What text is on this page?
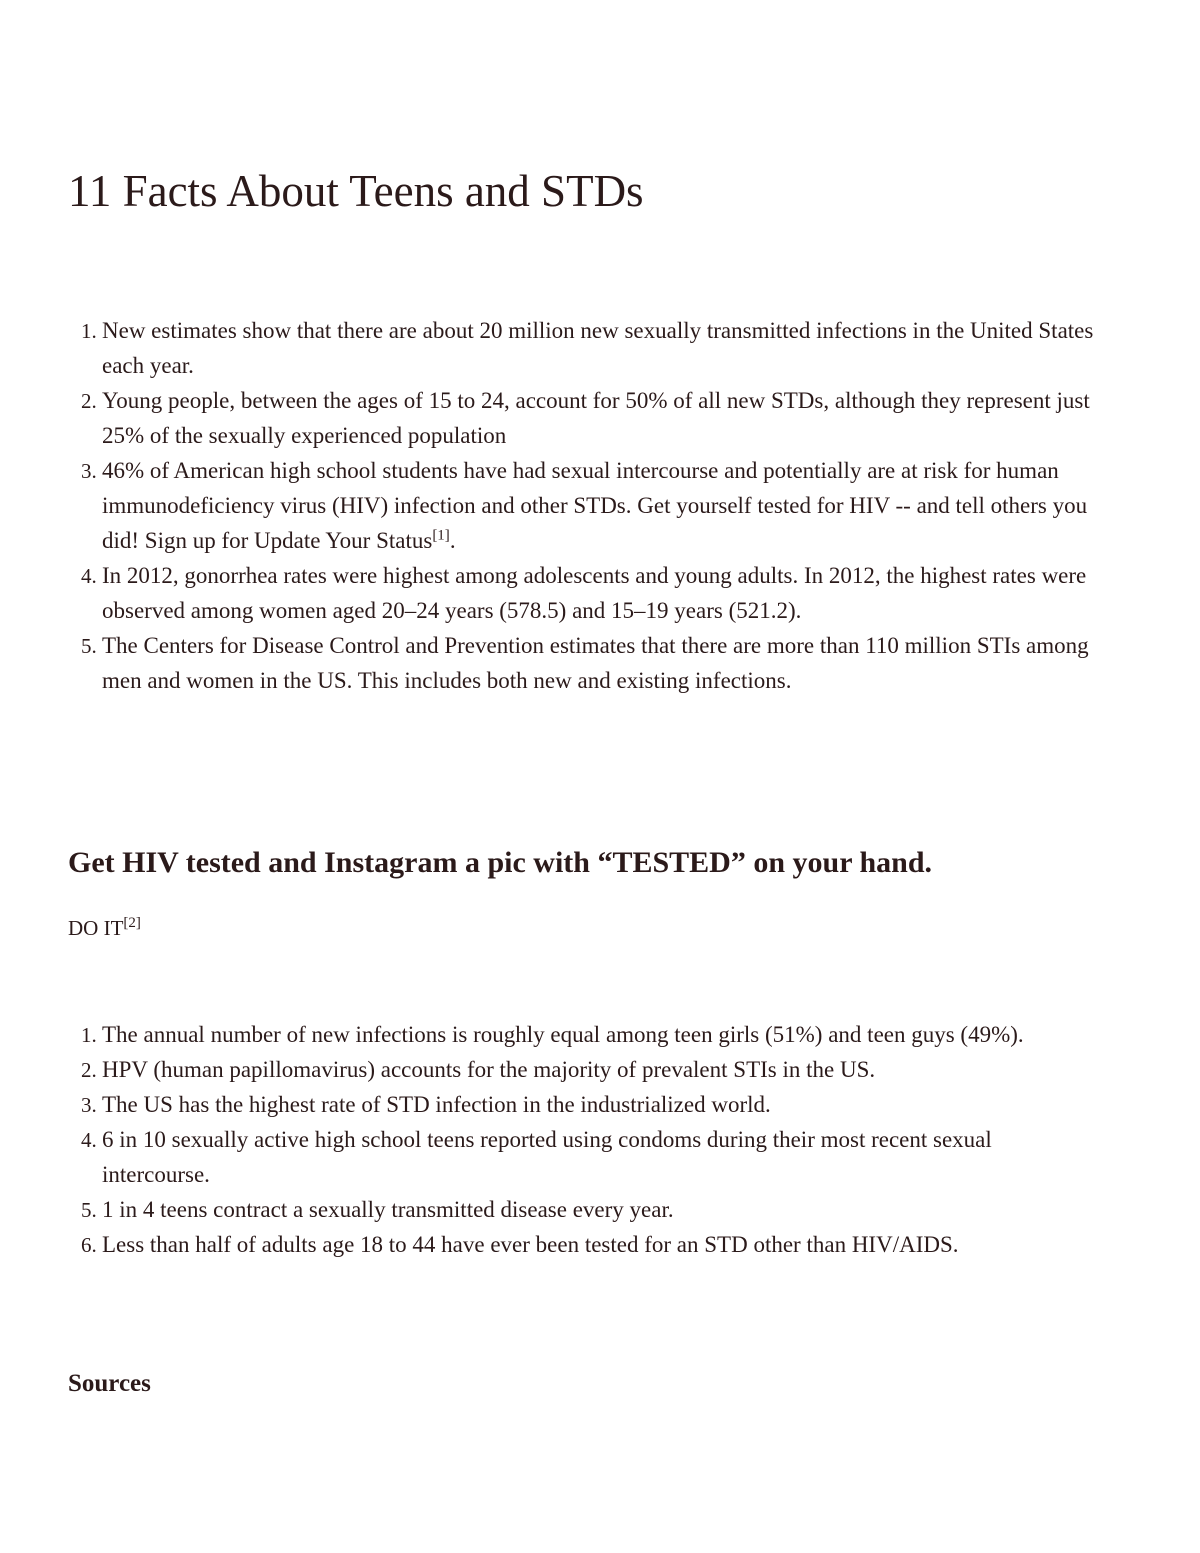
11 Facts About Teens and STDs
1. New estimates show that there are about 20 million new sexually transmitted infections in the United States each year.
2. Young people, between the ages of 15 to 24, account for 50% of all new STDs, although they represent just 25% of the sexually experienced population
3. 46% of American high school students have had sexual intercourse and potentially are at risk for human immunodeficiency virus (HIV) infection and other STDs. Get yourself tested for HIV -- and tell others you did! Sign up for Update Your Status[1].
4. In 2012, gonorrhea rates were highest among adolescents and young adults. In 2012, the highest rates were observed among women aged 20–24 years (578.5) and 15–19 years (521.2).
5. The Centers for Disease Control and Prevention estimates that there are more than 110 million STIs among men and women in the US. This includes both new and existing infections.
Get HIV tested and Instagram a pic with “TESTED” on your hand.

DO IT[2]

1. The annual number of new infections is roughly equal among teen girls (51%) and teen guys (49%).
2. HPV (human papillomavirus) accounts for the majority of prevalent STIs in the US.
3. The US has the highest rate of STD infection in the industrialized world.
4. 6 in 10 sexually active high school teens reported using condoms during their most recent sexual intercourse.
5. 1 in 4 teens contract a sexually transmitted disease every year.
6. Less than half of adults age 18 to 44 have ever been tested for an STD other than HIV/AIDS.
Sources
